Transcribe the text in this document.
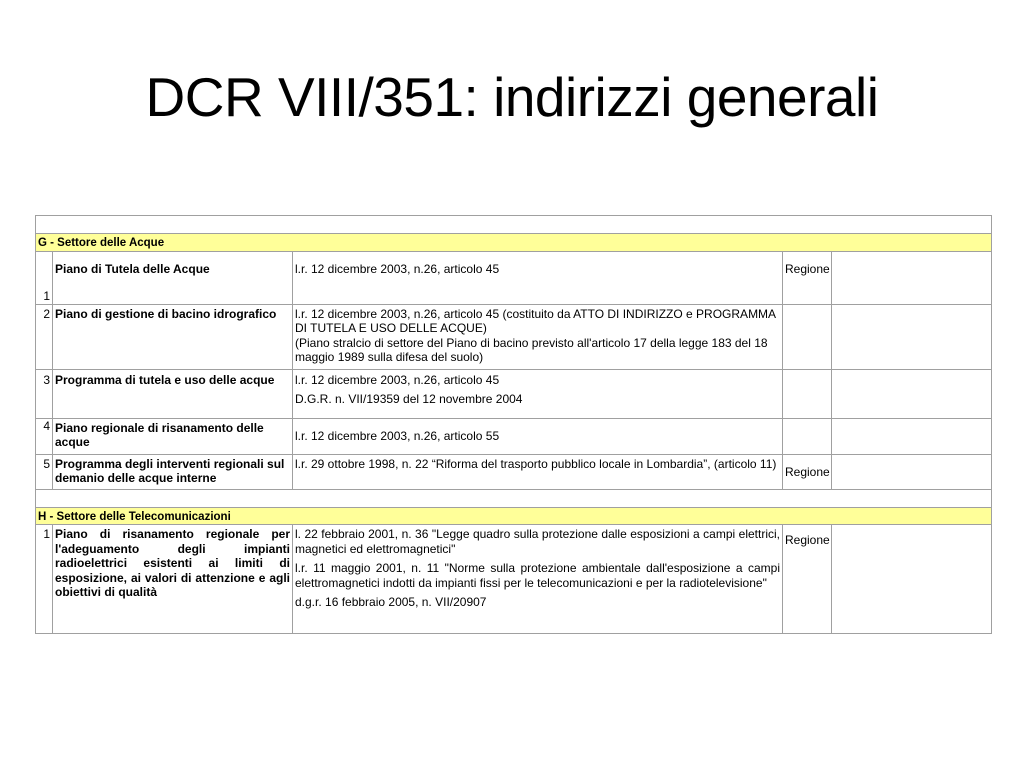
DCR VIII/351: indirizzi generali

G - Settore delle Acque				
1	Piano di Tutela delle Acque	l.r. 12 dicembre 2003, n.26, articolo 45	Regione	
2	Piano di gestione di bacino idrografico	l.r. 12 dicembre 2003, n.26, articolo 45 (costituito da ATTO DI INDIRIZZO e PROGRAMMA DI TUTELA E USO DELLE ACQUE)

(Piano stralcio di settore del Piano di bacino previsto all'articolo 17 della legge 183 del 18 maggio 1989 sulla difesa del suolo)		

3	Programma di tutela e uso delle acque	l.r. 12 dicembre 2003, n.26, articolo 45

D.G.R. n. VII/19359 del 12 novembre 2004		

4	Piano regionale di risanamento delle acque	l.r. 12 dicembre 2003, n.26, articolo 55		

5	Programma degli interventi regionali sul demanio delle acque interne	l.r. 29 ottobre 1998, n. 22 “Riforma del trasporto pubblico locale in Lombardia”, (articolo 11)	Regione	

H - Settore delle Telecomunicazioni				
1	Piano di risanamento regionale per l'adeguamento degli impianti radioelettrici esistenti ai limiti di esposizione, ai valori di attenzione e agli obiettivi di qualità	l. 22 febbraio 2001, n. 36 "Legge quadro sulla protezione dalle esposizioni a campi elettrici, magnetici ed elettromagnetici"

l.r. 11 maggio 2001, n. 11 "Norme sulla protezione ambientale dall'esposizione a campi elettromagnetici indotti da impianti fissi per le telecomunicazioni e per la radiotelevisione"

d.g.r. 16 febbraio 2005, n. VII/20907	Regione	
